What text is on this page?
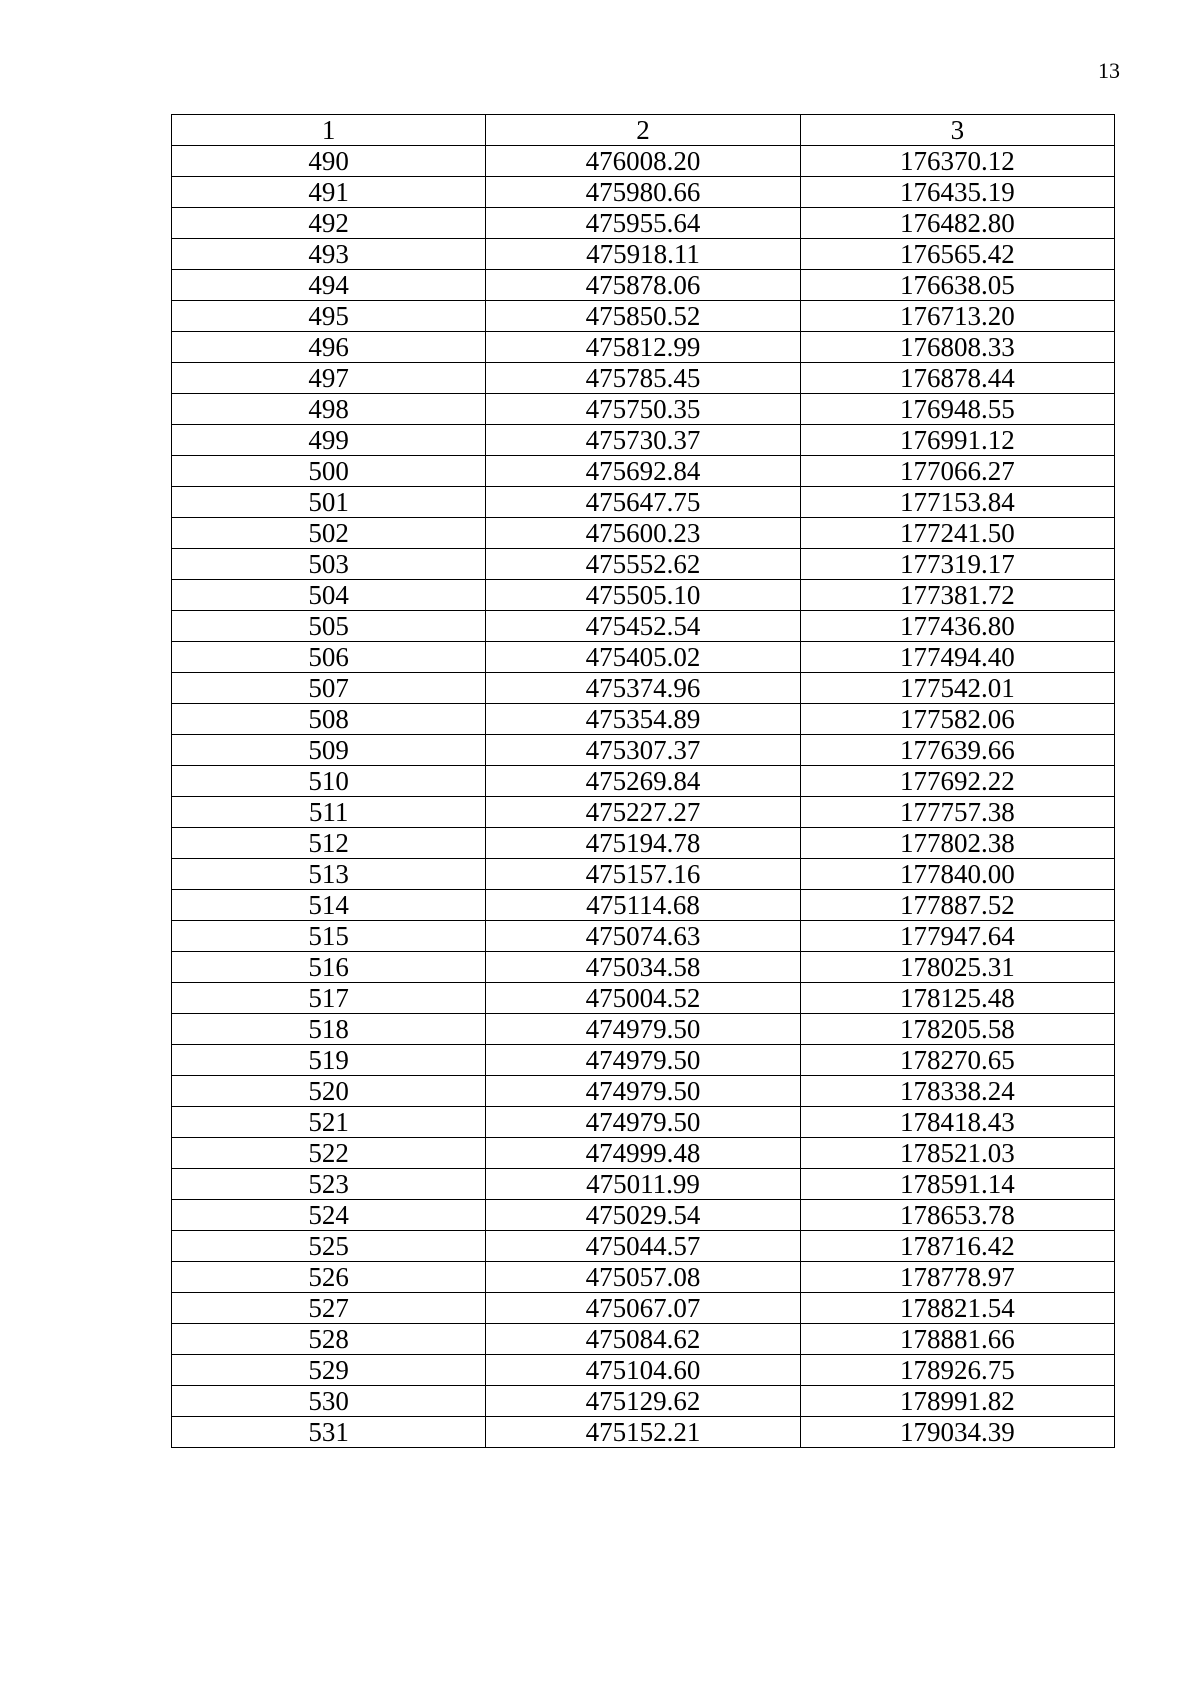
13
1	2	3
490	476008.20	176370.12
491	475980.66	176435.19
492	475955.64	176482.80
493	475918.11	176565.42
494	475878.06	176638.05
495	475850.52	176713.20
496	475812.99	176808.33
497	475785.45	176878.44
498	475750.35	176948.55
499	475730.37	176991.12
500	475692.84	177066.27
501	475647.75	177153.84
502	475600.23	177241.50
503	475552.62	177319.17
504	475505.10	177381.72
505	475452.54	177436.80
506	475405.02	177494.40
507	475374.96	177542.01
508	475354.89	177582.06
509	475307.37	177639.66
510	475269.84	177692.22
511	475227.27	177757.38
512	475194.78	177802.38
513	475157.16	177840.00
514	475114.68	177887.52
515	475074.63	177947.64
516	475034.58	178025.31
517	475004.52	178125.48
518	474979.50	178205.58
519	474979.50	178270.65
520	474979.50	178338.24
521	474979.50	178418.43
522	474999.48	178521.03
523	475011.99	178591.14
524	475029.54	178653.78
525	475044.57	178716.42
526	475057.08	178778.97
527	475067.07	178821.54
528	475084.62	178881.66
529	475104.60	178926.75
530	475129.62	178991.82
531	475152.21	179034.39
